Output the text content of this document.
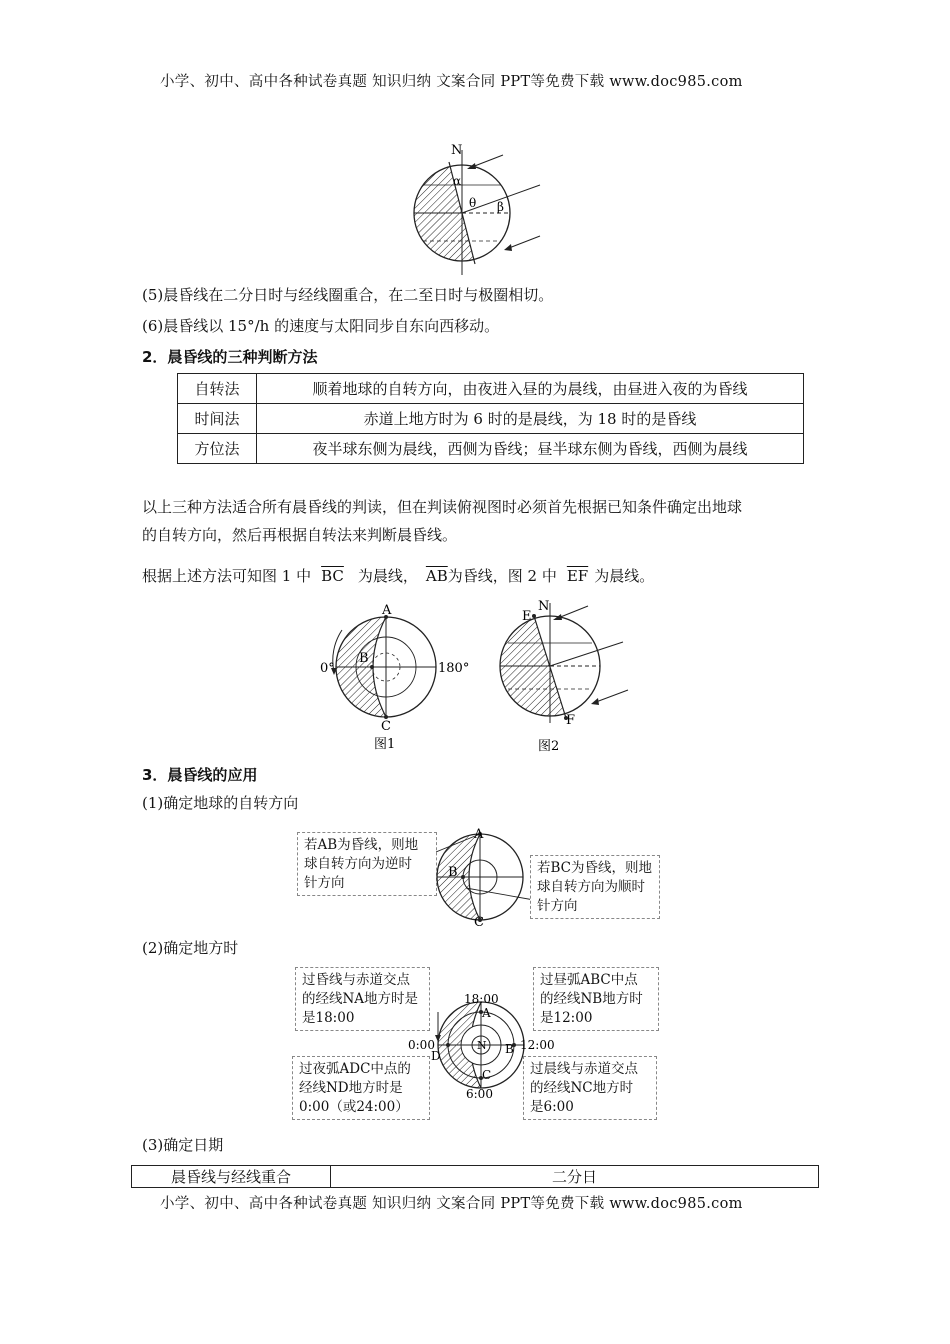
小学、初中、高中各种试卷真题 知识归纳 文案合同 PPT等免费下载 www.doc985.com
N
α
θ β
(5)晨昏线在二分日时与经线圈重合，在二至日时与极圈相切。
(6)晨昏线以 15°/h 的速度与太阳同步自东向西移动。
2．晨昏线的三种判断方法
自转法	顺着地球的自转方向，由夜进入昼的为晨线，由昼进入夜的为昏线
时间法	赤道上地方时为 6 时的是晨线，为 18 时的是昏线
方位法	夜半球东侧为晨线，西侧为昏线；昼半球东侧为昏线，西侧为晨线
以上三种方法适合所有晨昏线的判读，但在判读俯视图时必须首先根据已知条件确定出地球
的自转方向，然后再根据自转法来判断晨昏线。
根据上述方法可知图 1 中 $\overline{BC}$ 为晨线， $\overline{AB}$为昏线，图 2 中 $\overline{EF}$ 为晨线。
A
B
C
0°	180°
图1
N
E
F
图2
3．晨昏线的应用
(1)确定地球的自转方向
若AB为昏线，则地
球自转方向为逆时
针方向
A
B
C
若BC为昏线，则地
球自转方向为顺时
针方向
(2)确定地方时
过昏线与赤道交点
的经线NA地方时是
是18:00
过昼弧ABC中点
的经线NB地方时
是12:00
18:00
12:00
0:00
6:00
A
B
C
D
N
过夜弧ADC中点的
经线ND地方时是
0:00（或24:00）
过晨线与赤道交点
的经线NC地方时
是6:00
(3)确定日期
晨昏线与经线重合	二分日
小学、初中、高中各种试卷真题 知识归纳 文案合同 PPT等免费下载 www.doc985.com
